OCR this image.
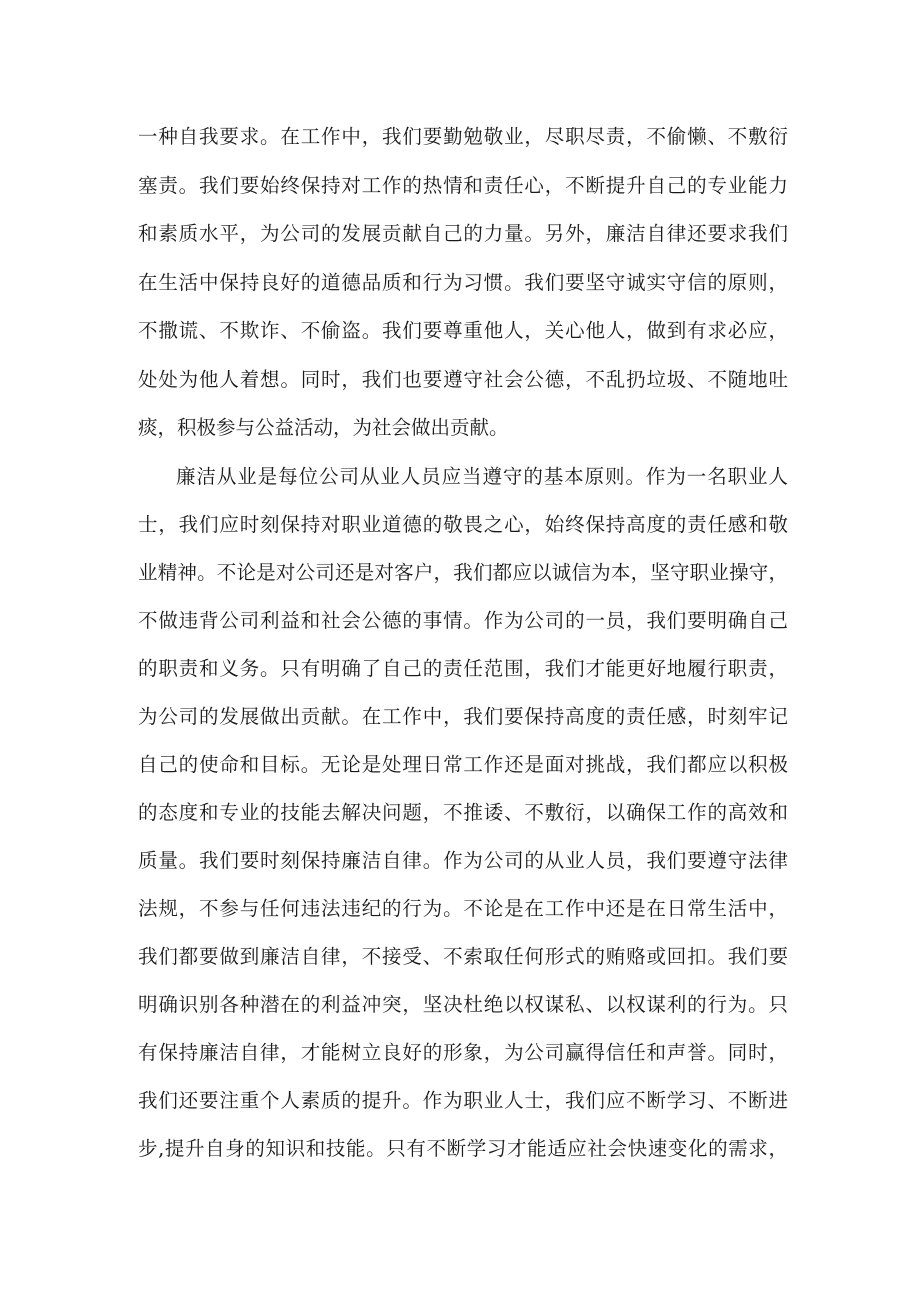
一种自我要求。在工作中，我们要勤勉敬业，尽职尽责，不偷懒、不敷衍
塞责。我们要始终保持对工作的热情和责任心，不断提升自己的专业能力
和素质水平，为公司的发展贡献自己的力量。另外，廉洁自律还要求我们
在生活中保持良好的道德品质和行为习惯。我们要坚守诚实守信的原则，
不撒谎、不欺诈、不偷盗。我们要尊重他人，关心他人，做到有求必应，
处处为他人着想。同时，我们也要遵守社会公德，不乱扔垃圾、不随地吐
痰，积极参与公益活动，为社会做出贡献。
廉洁从业是每位公司从业人员应当遵守的基本原则。作为一名职业人
士，我们应时刻保持对职业道德的敬畏之心，始终保持高度的责任感和敬
业精神。不论是对公司还是对客户，我们都应以诚信为本，坚守职业操守，
不做违背公司利益和社会公德的事情。作为公司的一员，我们要明确自己
的职责和义务。只有明确了自己的责任范围，我们才能更好地履行职责，
为公司的发展做出贡献。在工作中，我们要保持高度的责任感，时刻牢记
自己的使命和目标。无论是处理日常工作还是面对挑战，我们都应以积极
的态度和专业的技能去解决问题，不推诿、不敷衍，以确保工作的高效和
质量。我们要时刻保持廉洁自律。作为公司的从业人员，我们要遵守法律
法规，不参与任何违法违纪的行为。不论是在工作中还是在日常生活中，
我们都要做到廉洁自律，不接受、不索取任何形式的贿赂或回扣。我们要
明确识别各种潜在的利益冲突，坚决杜绝以权谋私、以权谋利的行为。只
有保持廉洁自律，才能树立良好的形象，为公司赢得信任和声誉。同时，
我们还要注重个人素质的提升。作为职业人士，我们应不断学习、不断进
步,提升自身的知识和技能。只有不断学习才能适应社会快速变化的需求，
